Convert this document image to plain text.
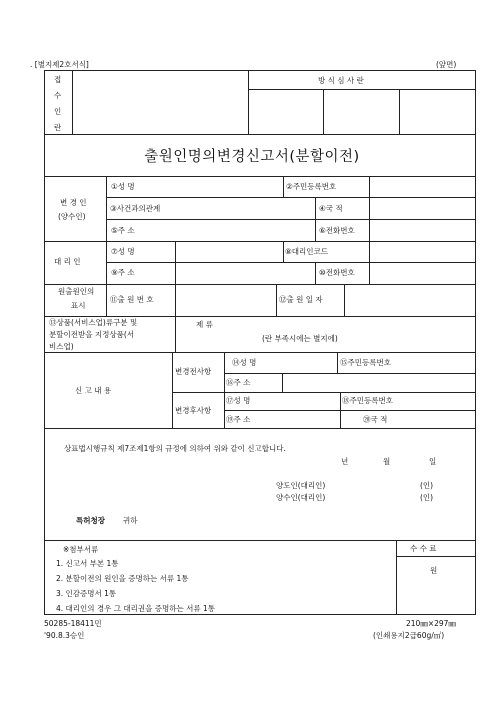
. [별지제2호서식]	(앞면)
접
수
인
란
방 식 심 사 란
출원인명의변경신고서(분할이전)
변 경 인
(양수인)
①성 명	②주민등록번호
③사건과의관계	④국 적
⑤주 소	⑥전화번호
대 리 인
⑦성 명	⑧대리인코드
⑨주 소	⑩전화번호
원출원인의
표시
⑪출 원 번 호	⑫출 원 일 자
⑬상품(서비스업)류구분 및
분할이전받을 지정상품(서
비스업)
제 류
(란 부족시에는 별지에)
신 고 내 용
변경전사항
변경후사항
⑭성 명	⑮주민등록번호
⑯주 소
⑰성 명	⑱주민등록번호
⑲주 소	⑳국 적
상표법시행규칙 제7조제1항의 규정에 의하여 위와 같이 신고합니다.
년	월	일
양도인(대리인)	(인)
양수인(대리인)	(인)
특허청장 귀하
※첨부서류
1. 신고서 부본 1통
2. 분할이전의 원인을 증명하는 서류 1통
3. 인감증명서 1통
4. 대리인의 경우 그 대리권을 증명하는 서류 1통
수 수 료
원
50285-18411민
'90.8.3승인
210㎜×297㎜
(인쇄용지2급60g/㎡)
